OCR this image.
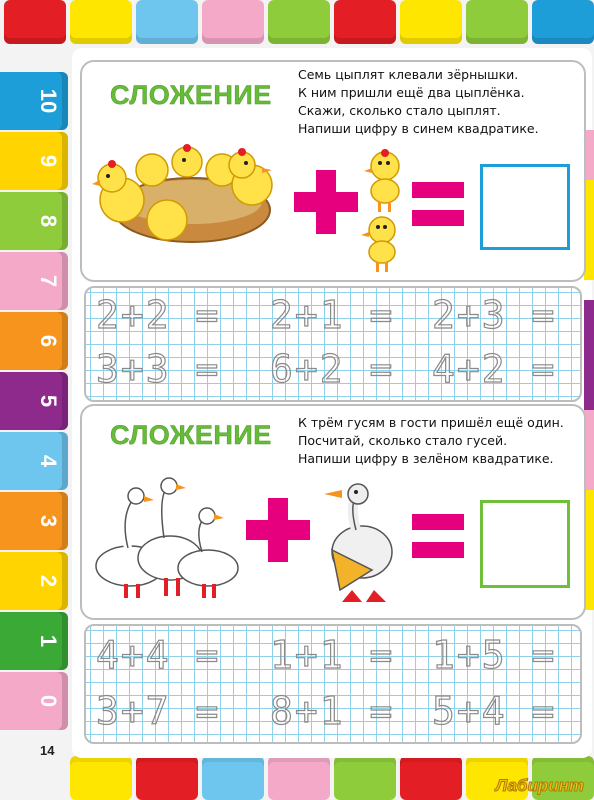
10
9
8
7
6
5
4
3
2
1
0
СЛОЖЕНИЕ
Семь цыплят клевали зёрнышки.
К ним пришли ещё два цыплёнка.
Скажи, сколько стало цыплят.
Напиши цифру в синем квадратике.
2+2 = 2+1 = 2+3 =
3+3 = 6+2 = 4+2 =
СЛОЖЕНИЕ К трём гусям в гости пришёл ещё один.
Посчитай, сколько стало гусей.
Напиши цифру в зелёном квадратике.
4+4 = 1+1 = 1+5 =
3+7 = 8+1 = 5+4 =
14
Лабиринт
